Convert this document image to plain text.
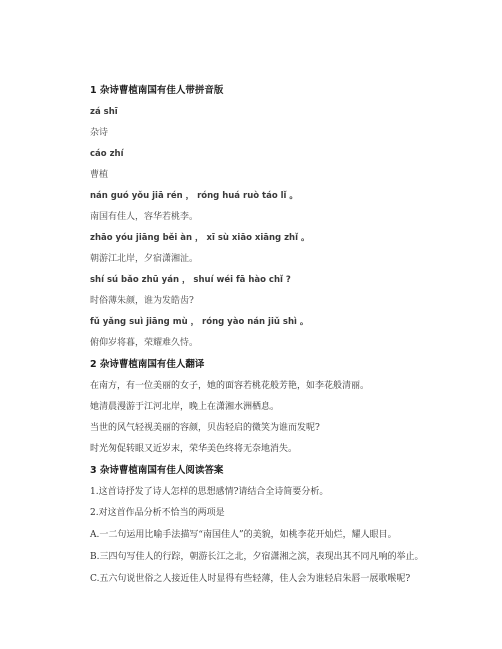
1 杂诗曹植南国有佳人带拼音版
zá shī
杂诗
cáo zhí
曹植
nán guó yǒu jiā rén ， róng huá ruò táo lǐ 。
南国有佳人，容华若桃李。
zhāo yóu jiāng běi àn ， xī sù xiāo xiāng zhǐ 。
朝游江北岸，夕宿潇湘沚。
shí sú bǎo zhū yán ， shuí wéi fā hào chǐ ?
时俗薄朱颜，谁为发皓齿?
fǔ yǎng suì jiāng mù ， róng yào nán jiǔ shì 。
俯仰岁将暮，荣耀难久恃。
2 杂诗曹植南国有佳人翻译
在南方，有一位美丽的女子，她的面容若桃花般芳艳，如李花般清丽。
她清晨漫游于江河北岸，晚上在潇湘水洲栖息。
当世的风气轻视美丽的容颜，贝齿轻启的微笑为谁而发呢?
时光匆促转眼又近岁末，荣华美色终将无奈地消失。
3 杂诗曹植南国有佳人阅读答案
1.这首诗抒发了诗人怎样的思想感情?请结合全诗简要分析。
2.对这首作品分析不恰当的两项是
A.一二句运用比喻手法描写“南国佳人”的美貌，如桃李花开灿烂，耀人眼目。
B.三四句写佳人的行踪，朝游长江之北，夕宿潇湘之滨，表现出其不同凡响的举止。
C.五六句说世俗之人接近佳人时显得有些轻薄，佳人会为谁轻启朱唇一展歌喉呢?
